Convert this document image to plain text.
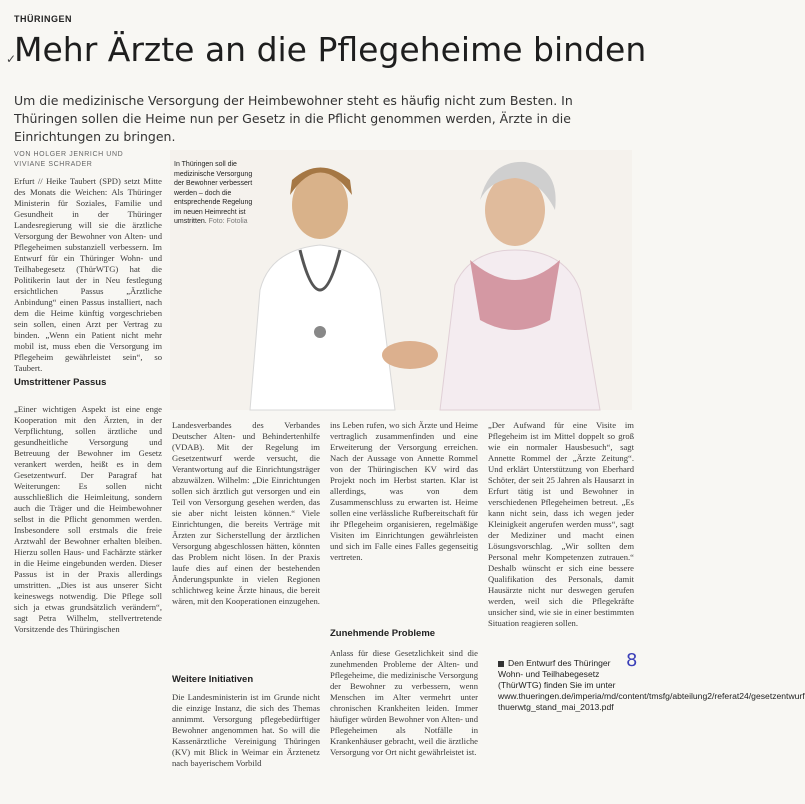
THÜRINGEN
✓
Mehr Ärzte an die Pflegeheime binden

Um die medizinische Versorgung der Heimbewohner steht es häufig nicht zum Besten. In Thüringen sollen die Heime nun per Gesetz in die Pflicht genommen werden, Ärzte in die Einrichtungen zu bringen.

VON HOLGER JENRICH UND
VIVIANE SCHRADER	In Thüringen soll die medizinische Versorgung der Bewohner verbessert werden – doch die entsprechende Regelung im neuen Heimrecht ist umstritten. Foto: Fotolia

Erfurt // Heike Taubert (SPD) setzt Mitte des Monats die Weichen: Als Thüringer Ministerin für Soziales, Familie und Gesundheit in der Thüringer Landesregierung will sie die ärztliche Versorgung der Bewohner von Alten- und Pflegeheimen substanziell verbessern. Im Entwurf für ein Thüringer Wohn- und Teilhabegesetz (ThürWTG) hat die Politikerin laut der in Neu festlegung ersichtlichen Passus „Ärztliche Anbindung“ einen Passus installiert, nach dem die Heime künftig vorgeschrieben sein sollen, einen Arzt per Vertrag zu binden. „Wenn ein Patient nicht mehr mobil ist, muss eben die Versorgung im Pflegeheim gewährleistet sein“, so Taubert.

Umstrittener Passus

„Einer wichtigen Aspekt ist eine enge Kooperation mit den Ärzten, in der Verpflichtung, sollen ärztliche und gesundheitliche Versorgung und Betreuung der Bewohner im Gesetz verankert werden, heißt es in dem Gesetzentwurf. Der Paragraf hat Weiterungen: Es sollen nicht ausschließlich die Heimleitung, sondern auch die Träger und die Heimbewohner selbst in die Pflicht genommen werden. Insbesondere soll erstmals die freie Arztwahl der Bewohner erhalten bleiben. Hierzu sollen Haus- und Fachärzte stärker in die Heime eingebunden werden. Dieser Passus ist in der Praxis allerdings umstritten. „Dies ist aus unserer Sicht keineswegs notwendig. Die Pflege soll sich ja etwas grundsätzlich verändern“, sagt Petra Wilhelm, stellvertretende Vorsitzende des Thüringischen

Landesverbandes des Verbandes Deutscher Alten- und Behindertenhilfe (VDAB). Mit der Regelung im Gesetzentwurf werde versucht, die Verantwortung auf die Einrichtungsträger abzuwälzen. Wilhelm: „Die Einrichtungen sollen sich ärztlich gut versorgen und ein Teil von Versorgung gesehen werden, das sie aber nicht leisten können.“ Viele Einrichtungen, die bereits Verträge mit Ärzten zur Sicherstellung der ärztlichen Versorgung abgeschlossen hätten, könnten das Problem nicht lösen. In der Praxis laufe dies auf einen der bestehenden Änderungspunkte in vielen Regionen schlichtweg keine Ärzte hinaus, die bereit wären, mit den Kooperationen einzugehen.

Weitere Initiativen

Die Landesministerin ist im Grunde nicht die einzige Instanz, die sich des Themas annimmt. Versorgung pflegebedürftiger Bewohner angenommen hat. So will die Kassenärztliche Vereinigung Thüringen (KV) mit Blick in Weimar ein Ärztenetz nach bayerischem Vorbild

ins Leben rufen, wo sich Ärzte und Heime vertraglich zusammenfinden und eine Erweiterung der Versorgung erreichen. Nach der Aussage von Annette Rommel von der Thüringischen KV wird das Projekt noch im Herbst starten. Klar ist allerdings, was von dem Zusammenschluss zu erwarten ist. Heime sollen eine verlässliche Rufbereitschaft für ihr Pflegeheim organisieren, regelmäßige Visiten im Einrichtungen gewährleisten und sich im Falle eines Falles gegenseitig vertreten.

Zunehmende Probleme

Anlass für diese Gesetzlichkeit sind die zunehmenden Probleme der Alten- und Pflegeheime, die medizinische Versorgung der Bewohner zu verbessern, wenn Menschen im Alter vermehrt unter chronischen Krankheiten leiden. Immer häufiger würden Bewohner von Alten- und Pflegeheimen als Notfälle in Krankenhäuser gebracht, weil die ärztliche Versorgung vor Ort nicht gewährleistet ist.

„Der Aufwand für eine Visite im Pflegeheim ist im Mittel doppelt so groß wie ein normaler Hausbesuch“, sagt Annette Rommel der „Ärzte Zeitung“. Und erklärt Unterstützung von Eberhard Schöter, der seit 25 Jahren als Hausarzt in Erfurt tätig ist und Bewohner in verschiedenen Pflegeheimen betreut. „Es kann nicht sein, dass ich wegen jeder Kleinigkeit angerufen werden muss“, sagt der Mediziner und macht einen Lösungsvorschlag. „Wir sollten dem Personal mehr Kompetenzen zutrauen.“ Deshalb wünscht er sich eine bessere Qualifikation des Personals, damit Hausärzte nicht nur deswegen gerufen werden, weil sich die Pflegekräfte unsicher sind, wie sie in einer bestimmten Situation reagieren sollen.

Den Entwurf des Thüringer Wohn- und Teilhabegesetz (ThürWTG) finden Sie im unter www.thueringen.de/imperia/md/content/tmsfg/abteilung2/referat24/gesetzentwurf thuerwtg_stand_mai_2013.pdf
8
